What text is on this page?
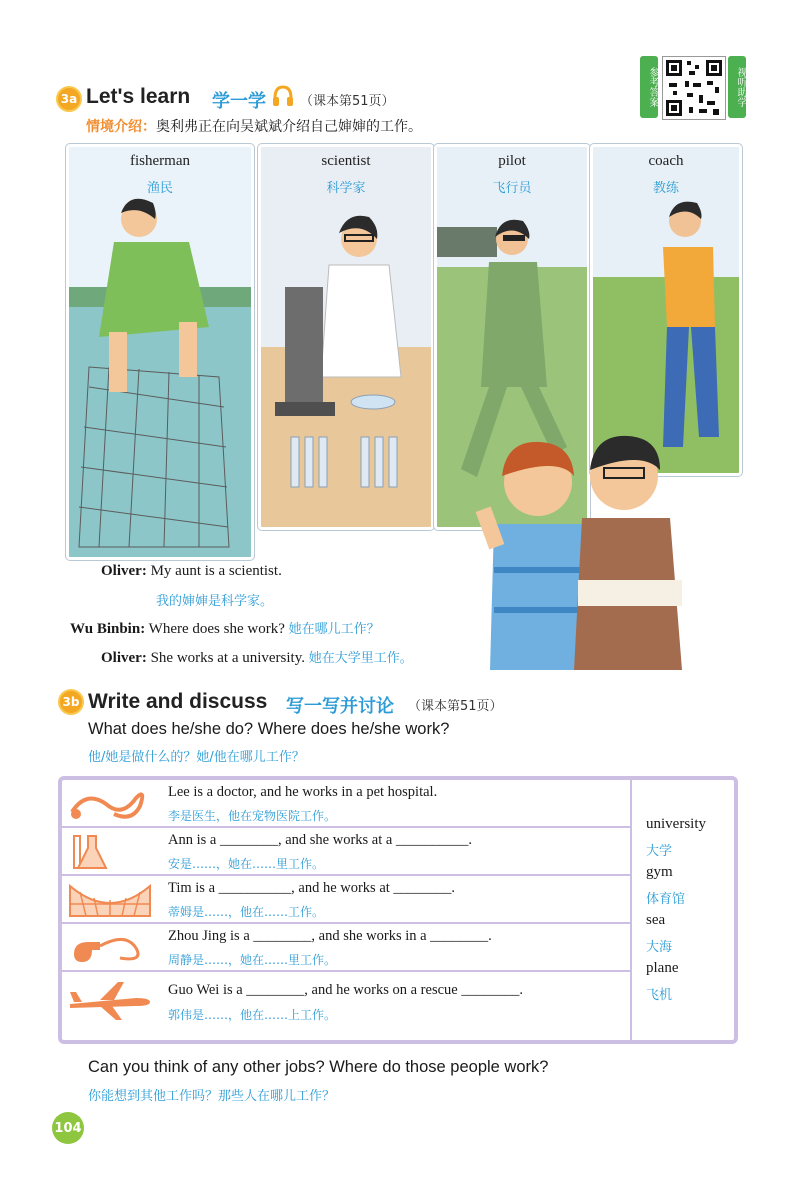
3a Let's learn 学一学	（课本第51页）
情境介绍：奥利弗正在向吴斌斌介绍自己婶婶的工作。
参考答案	视听助学
fisherman
渔民
scientist
科学家
pilot
飞行员
coach
教练
Oliver: My aunt is a scientist.
我的婶婶是科学家。
Wu Binbin: Where does she work? 她在哪儿工作？
Oliver: She works at a university. 她在大学里工作。
3b Write and discuss 写一写并讨论 （课本第51页）
What does he/she do? Where does he/she work?
他/她是做什么的？她/他在哪儿工作？
Lee is a doctor, and he works in a pet hospital.
李是医生，他在宠物医院工作。
Ann is a ________, and she works at a __________.
安是……，她在……里工作。
Tim is a __________, and he works at ________.
蒂姆是……，他在……工作。
Zhou Jing is a ________, and she works in a ________.
周静是……，她在……里工作。
Guo Wei is a ________, and he works on a rescue ________.
郭伟是……，他在……上工作。
university
大学
gym
体育馆
sea
大海
plane
飞机
Can you think of any other jobs? Where do those people work?
你能想到其他工作吗？那些人在哪儿工作？
104
